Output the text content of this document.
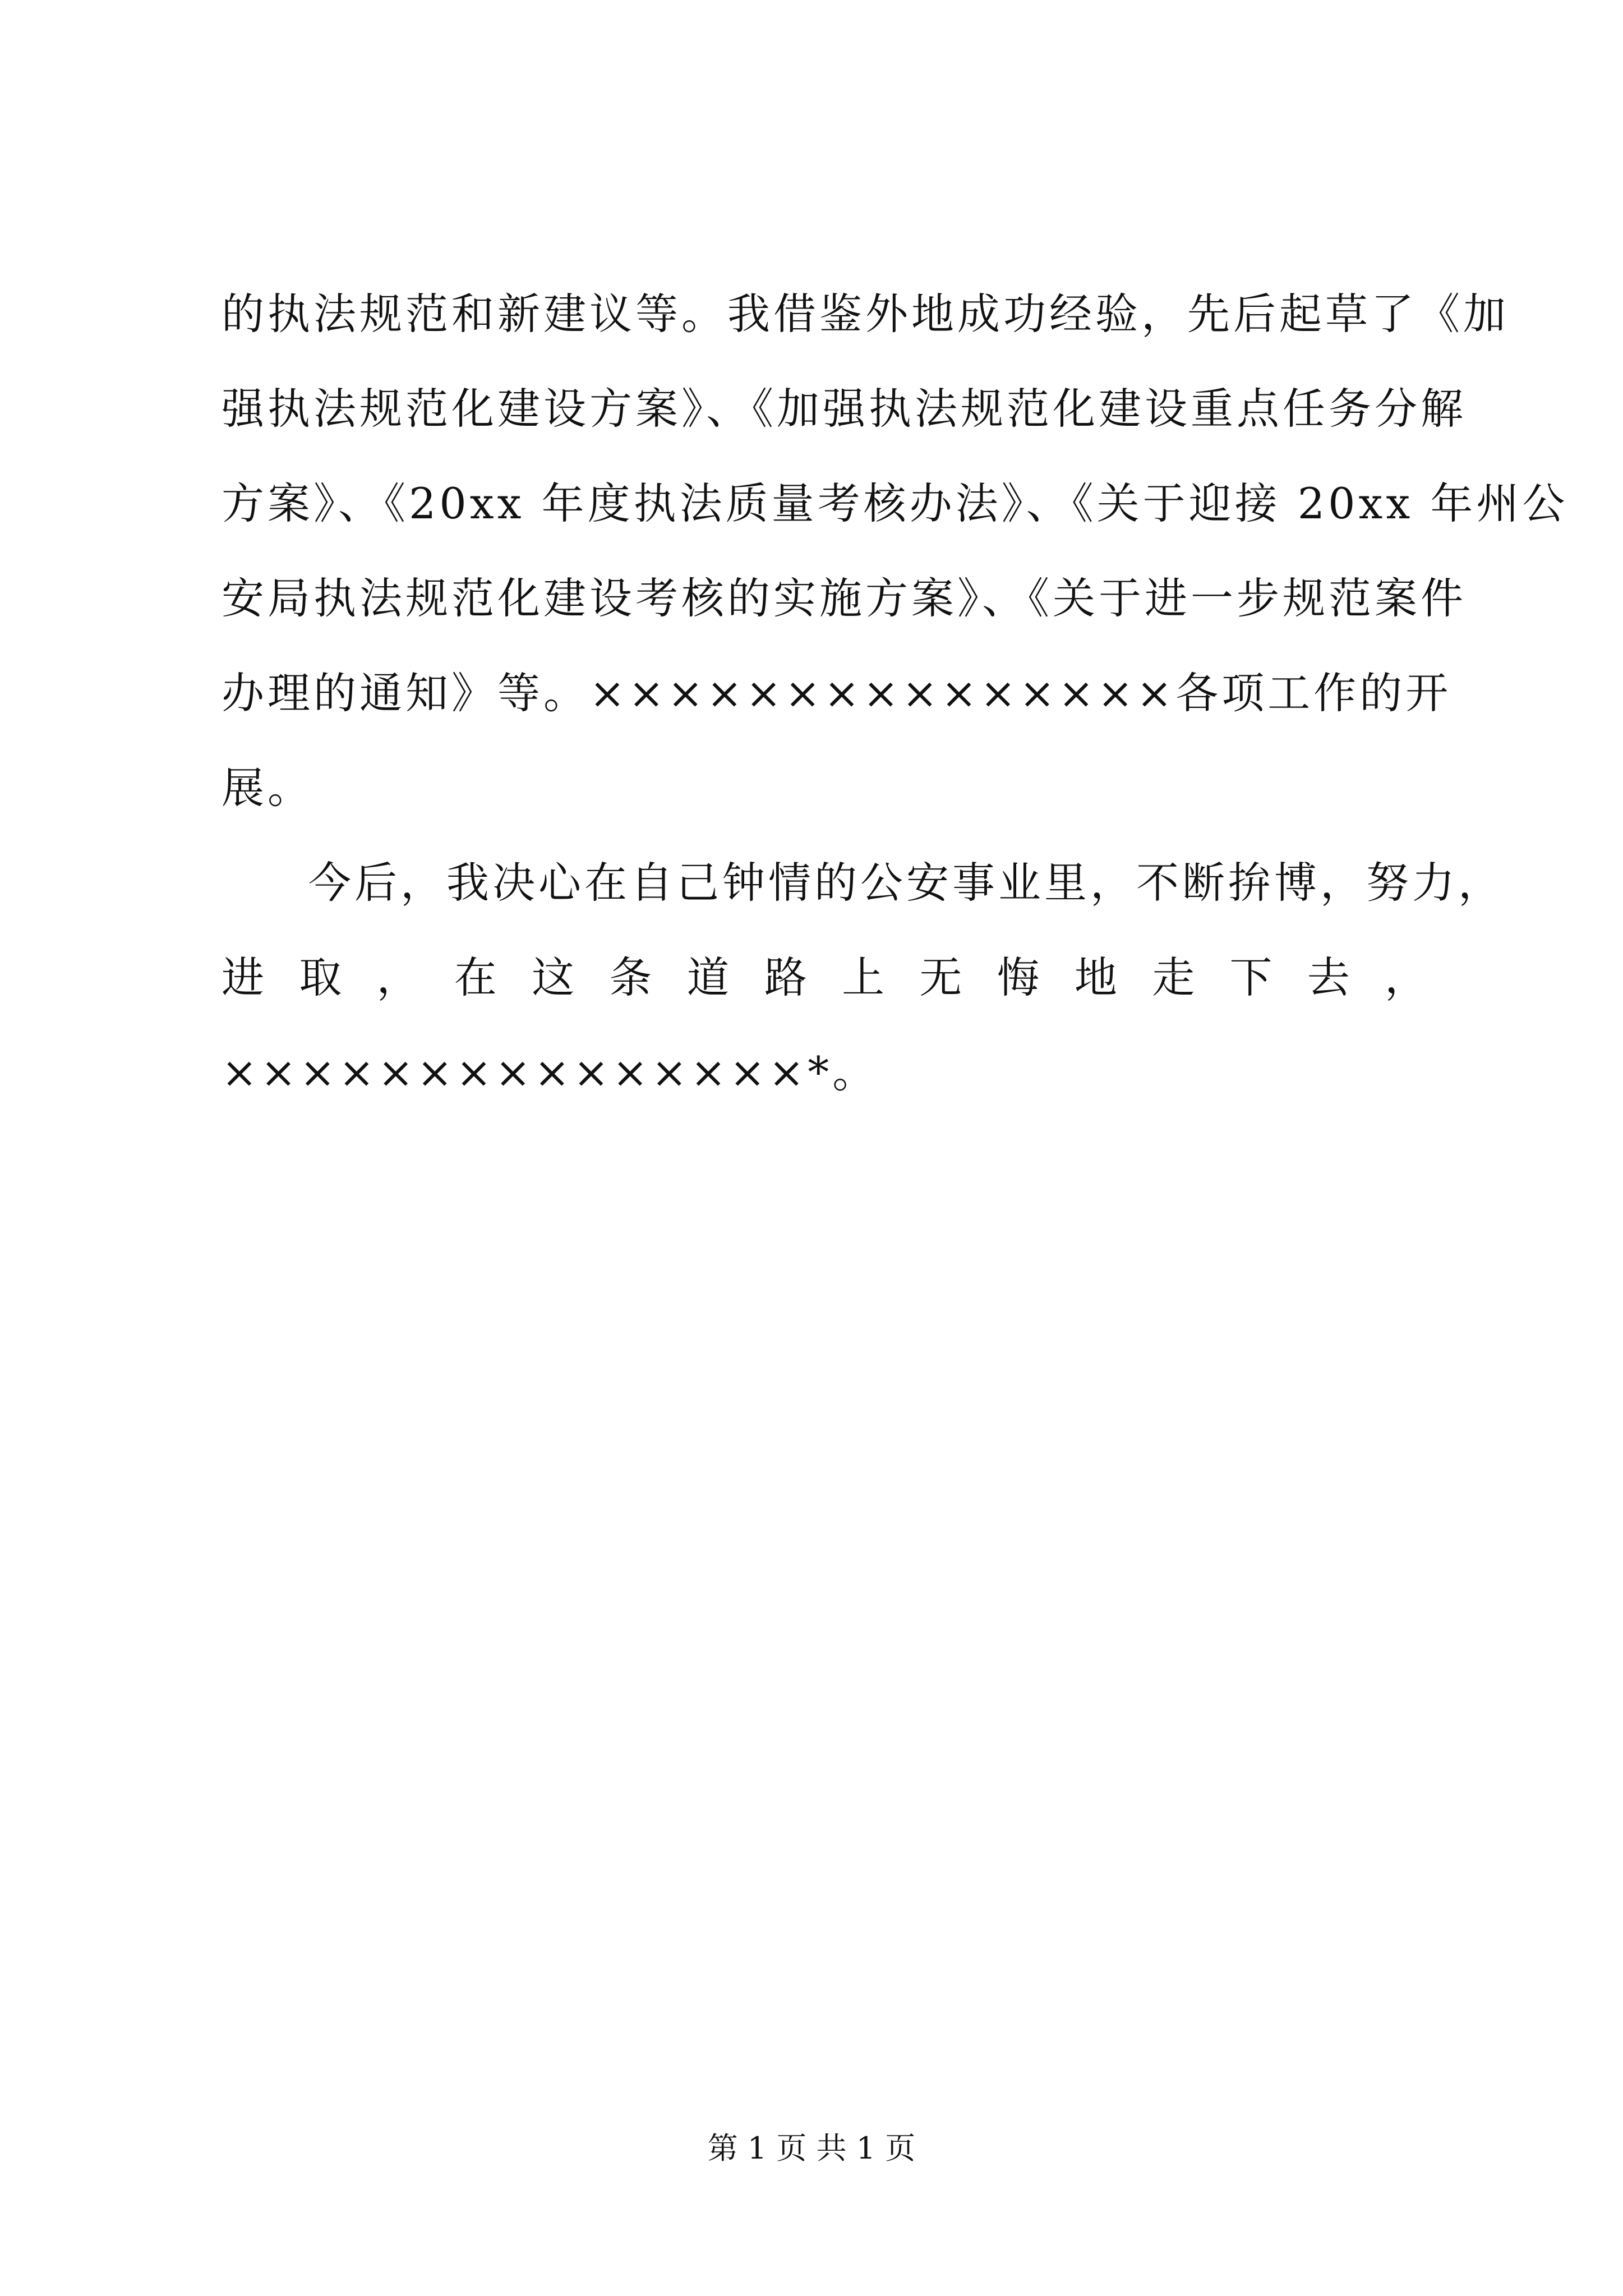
的执法规范和新建议等。我借鉴外地成功经验，先后起草了《加
强执法规范化建设方案》、《加强执法规范化建设重点任务分解
方案》、《20xx 年度执法质量考核办法》、《关于迎接 20xx 年州公
安局执法规范化建设考核的实施方案》、《关于进一步规范案件
办理的通知》等。×××××××××××××××各项工作的开
展。
今后，我决心在自己钟情的公安事业里，不断拚博，努力，
进 取 ， 在 这 条 道 路 上 无 悔 地 走 下 去 ，
×××××××××××××××*。
第 1 页 共 1 页
